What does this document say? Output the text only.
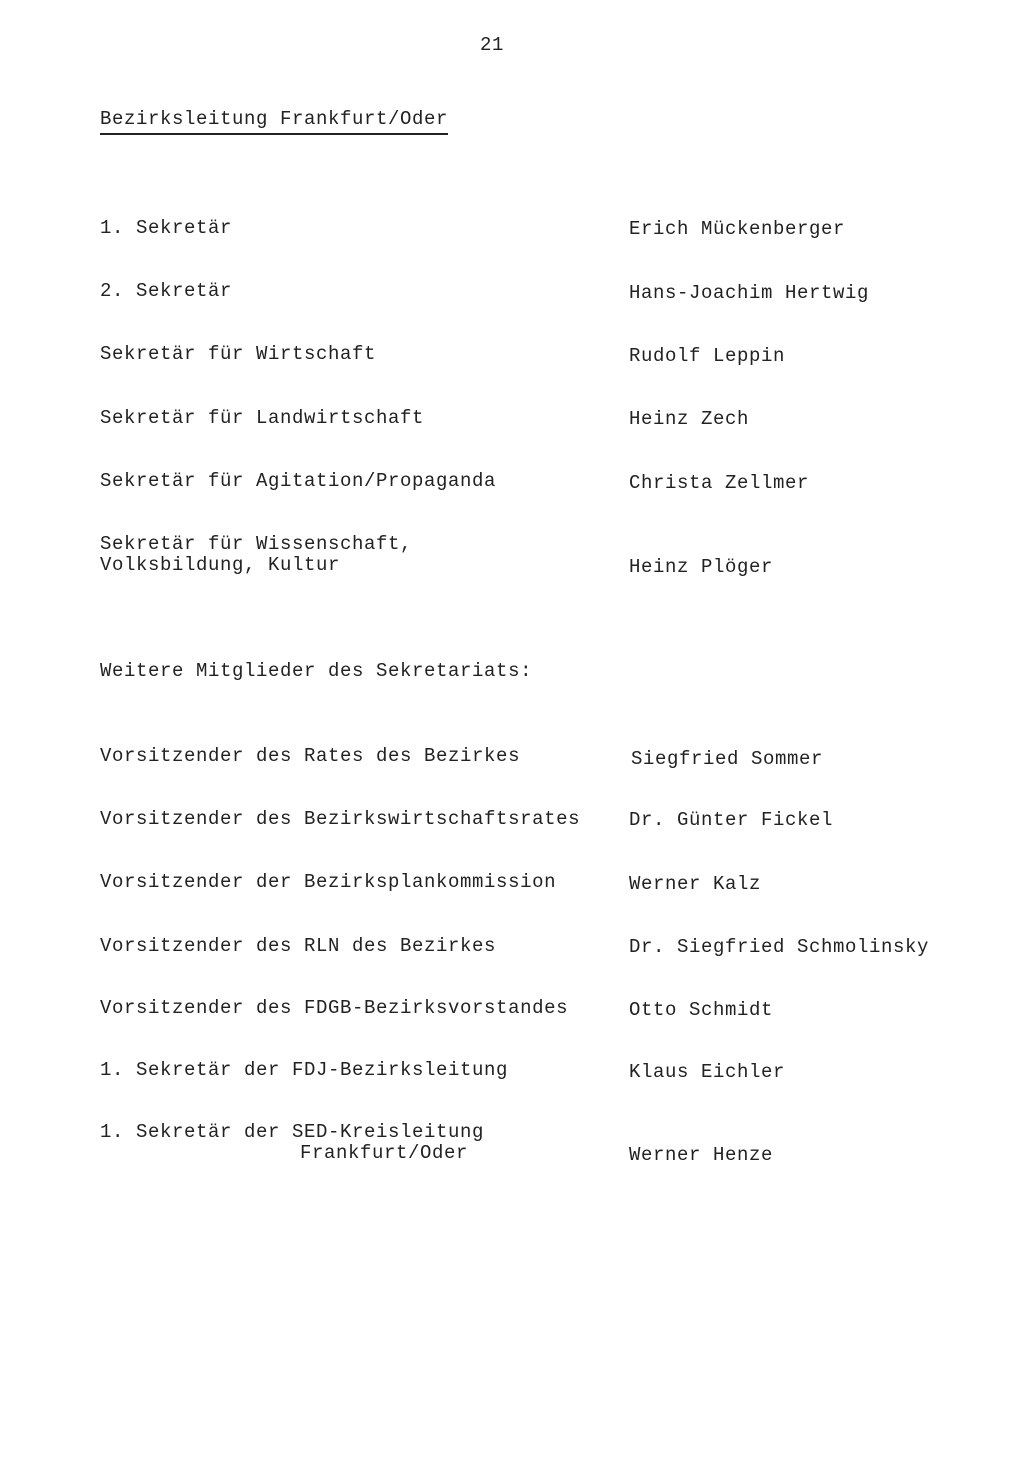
21
Bezirksleitung Frankfurt/Oder
1. Sekretär	Erich Mückenberger
2. Sekretär	Hans-Joachim Hertwig
Sekretär für Wirtschaft	Rudolf Leppin
Sekretär für Landwirtschaft	Heinz Zech
Sekretär für Agitation/Propaganda	Christa Zellmer
Sekretär für Wissenschaft,
Volksbildung, Kultur	Heinz Plöger
Weitere Mitglieder des Sekretariats:
Vorsitzender des Rates des Bezirkes	Siegfried Sommer
Vorsitzender des Bezirkswirtschaftsrates	Dr. Günter Fickel
Vorsitzender der Bezirksplankommission	Werner Kalz
Vorsitzender des RLN des Bezirkes	Dr. Siegfried Schmolinsky
Vorsitzender des FDGB-Bezirksvorstandes	Otto Schmidt
1. Sekretär der FDJ-Bezirksleitung	Klaus Eichler
1. Sekretär der SED-Kreisleitung
Frankfurt/Oder	Werner Henze
